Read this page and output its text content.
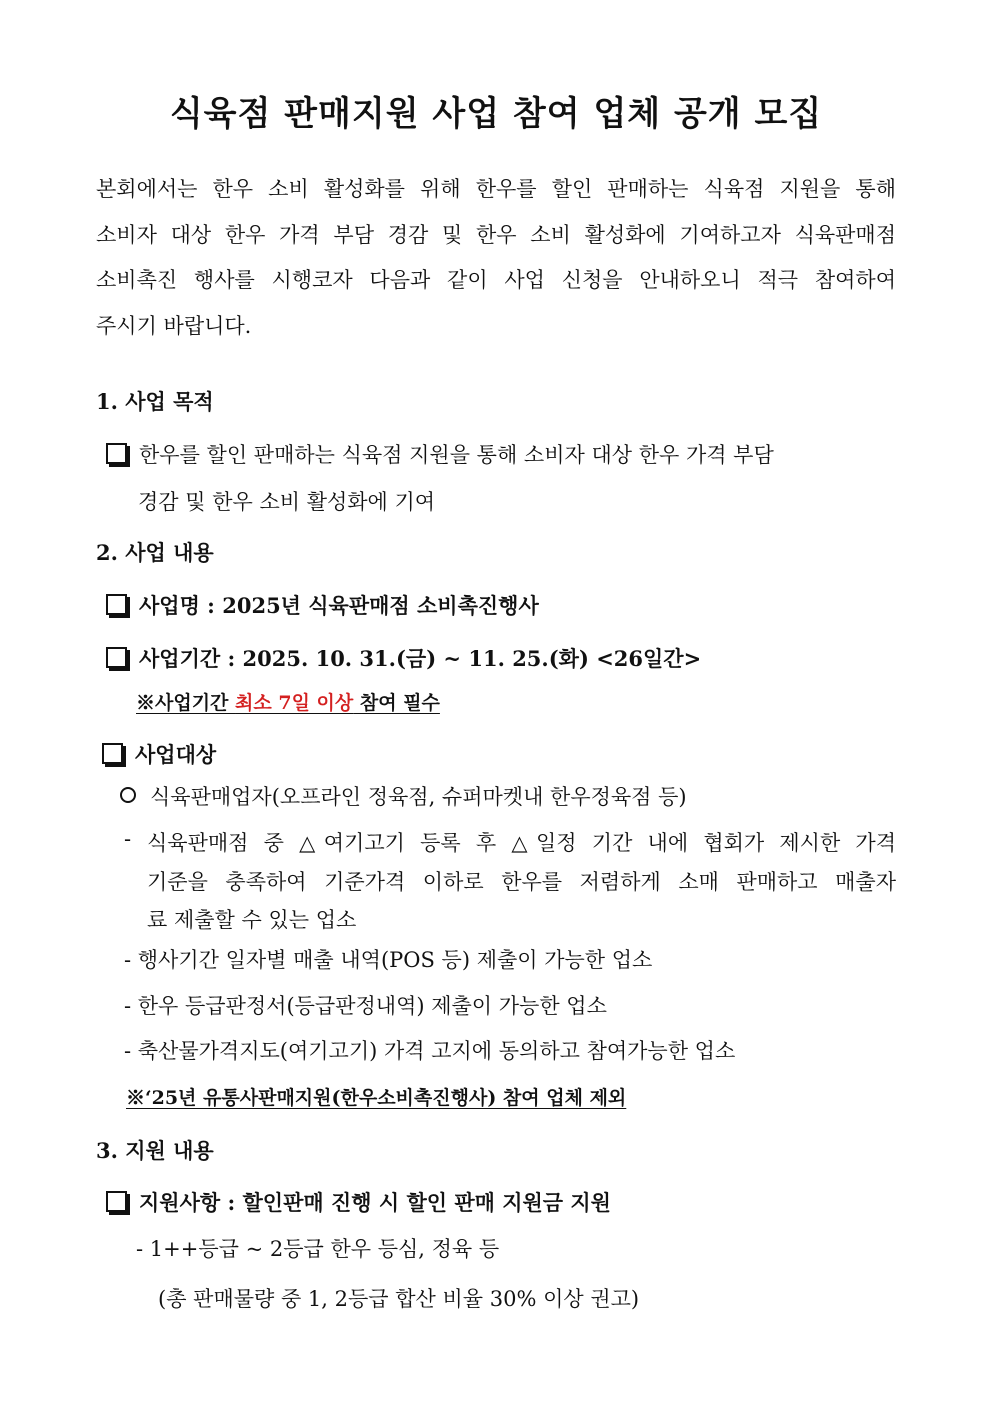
식육점 판매지원 사업 참여 업체 공개 모집
본회에서는 한우 소비 활성화를 위해 한우를 할인 판매하는 식육점 지원을 통해
소비자 대상 한우 가격 부담 경감 및 한우 소비 활성화에 기여하고자 식육판매점
소비촉진 행사를 시행코자 다음과 같이 사업 신청을 안내하오니 적극 참여하여
주시기 바랍니다.
1. 사업 목적
한우를 할인 판매하는 식육점 지원을 통해 소비자 대상 한우 가격 부담
경감 및 한우 소비 활성화에 기여
2. 사업 내용
사업명 : 2025년 식육판매점 소비촉진행사
사업기간 : 2025. 10. 31.(금) ~ 11. 25.(화) <26일간>
※사업기간 최소 7일 이상 참여 필수
사업대상
식육판매업자(오프라인 정육점, 슈퍼마켓내 한우정육점 등)
- 식육판매점 중 △여기고기 등록 후 △일정 기간 내에 협회가 제시한 가격
기준을 충족하여 기준가격 이하로 한우를 저렴하게 소매 판매하고 매출자
료 제출할 수 있는 업소
- 행사기간 일자별 매출 내역(POS 등) 제출이 가능한 업소
- 한우 등급판정서(등급판정내역) 제출이 가능한 업소
- 축산물가격지도(여기고기) 가격 고지에 동의하고 참여가능한 업소
※‘25년 유통사판매지원(한우소비촉진행사) 참여 업체 제외
3. 지원 내용
지원사항 : 할인판매 진행 시 할인 판매 지원금 지원
- 1++등급 ~ 2등급 한우 등심, 정육 등
(총 판매물량 중 1, 2등급 합산 비율 30% 이상 권고)
